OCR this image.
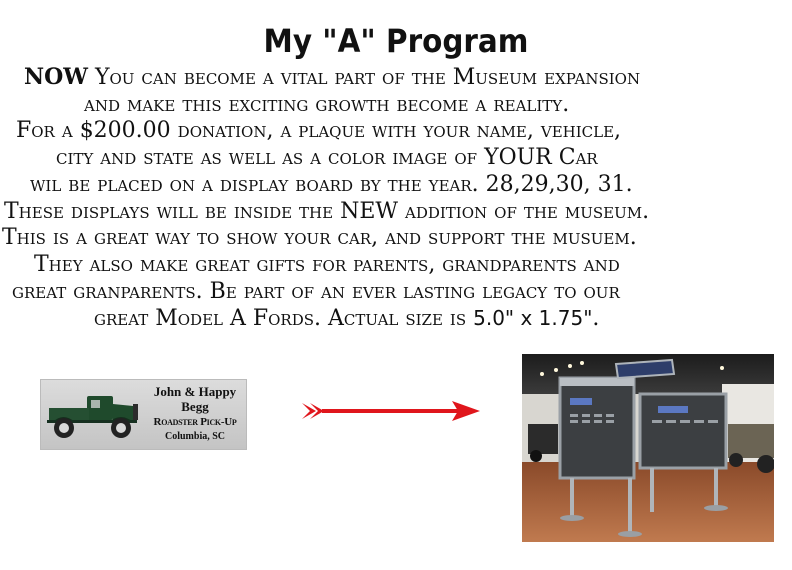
My "A" Program
NOW You can become a vital part of the Museum expansion
and make this exciting growth become a reality.
For a $200.00 donation, a plaque with your name, vehicle,
city and state as well as a color image of YOUR Car
wil be placed on a display board by the year. 28,29,30, 31.
These displays will be inside the NEW addition of the museum.
This is a great way to show your car, and support the musuem.
They also make great gifts for parents, grandparents and
great granparents. Be part of an ever lasting legacy to our
great Model A Fords. Actual size is 5.0" x 1.75".
John & Happy
Begg
Roadster Pick-Up
Columbia, SC
